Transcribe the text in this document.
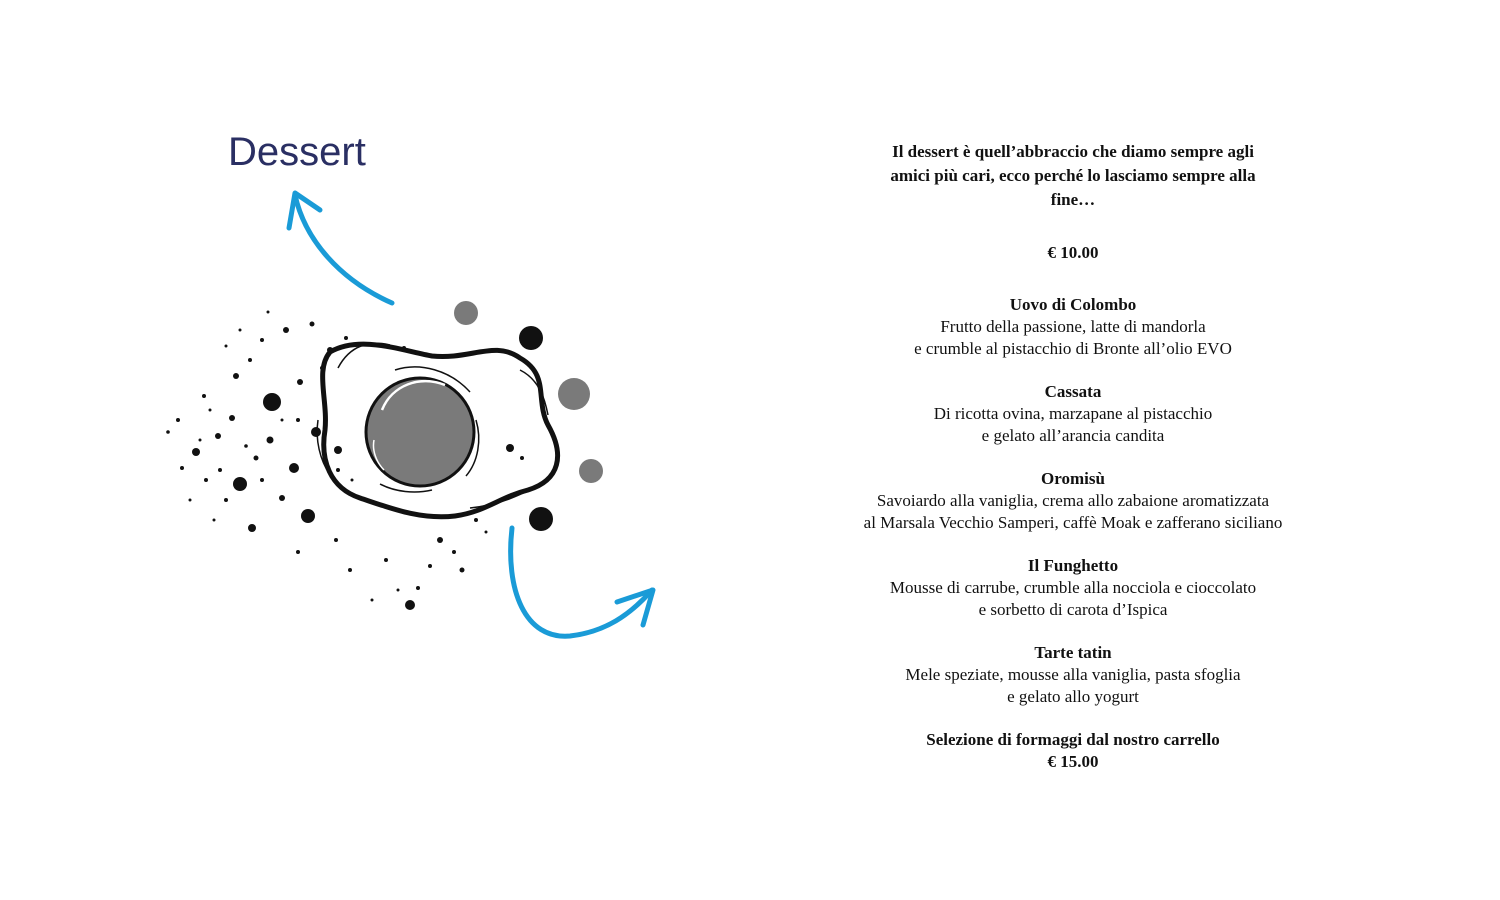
Dessert	Il dessert è quell’abbraccio che diamo sempre agli amici più cari, ecco perché lo lasciamo sempre alla fine…

€ 10.00
Uovo di Colombo
Frutto della passione, latte di mandorla
e crumble al pistacchio di Bronte all’olio EVO
Cassata
Di ricotta ovina, marzapane al pistacchio
e gelato all’arancia candita
Oromisù
Savoiardo alla vaniglia, crema allo zabaione aromatizzata
al Marsala Vecchio Samperi, caffè Moak e zafferano siciliano
Il Funghetto
Mousse di carrube, crumble alla nocciola e cioccolato
e sorbetto di carota d’Ispica
Tarte tatin
Mele speziate, mousse alla vaniglia, pasta sfoglia
e gelato allo yogurt
Selezione di formaggi dal nostro carrello
€ 15.00
